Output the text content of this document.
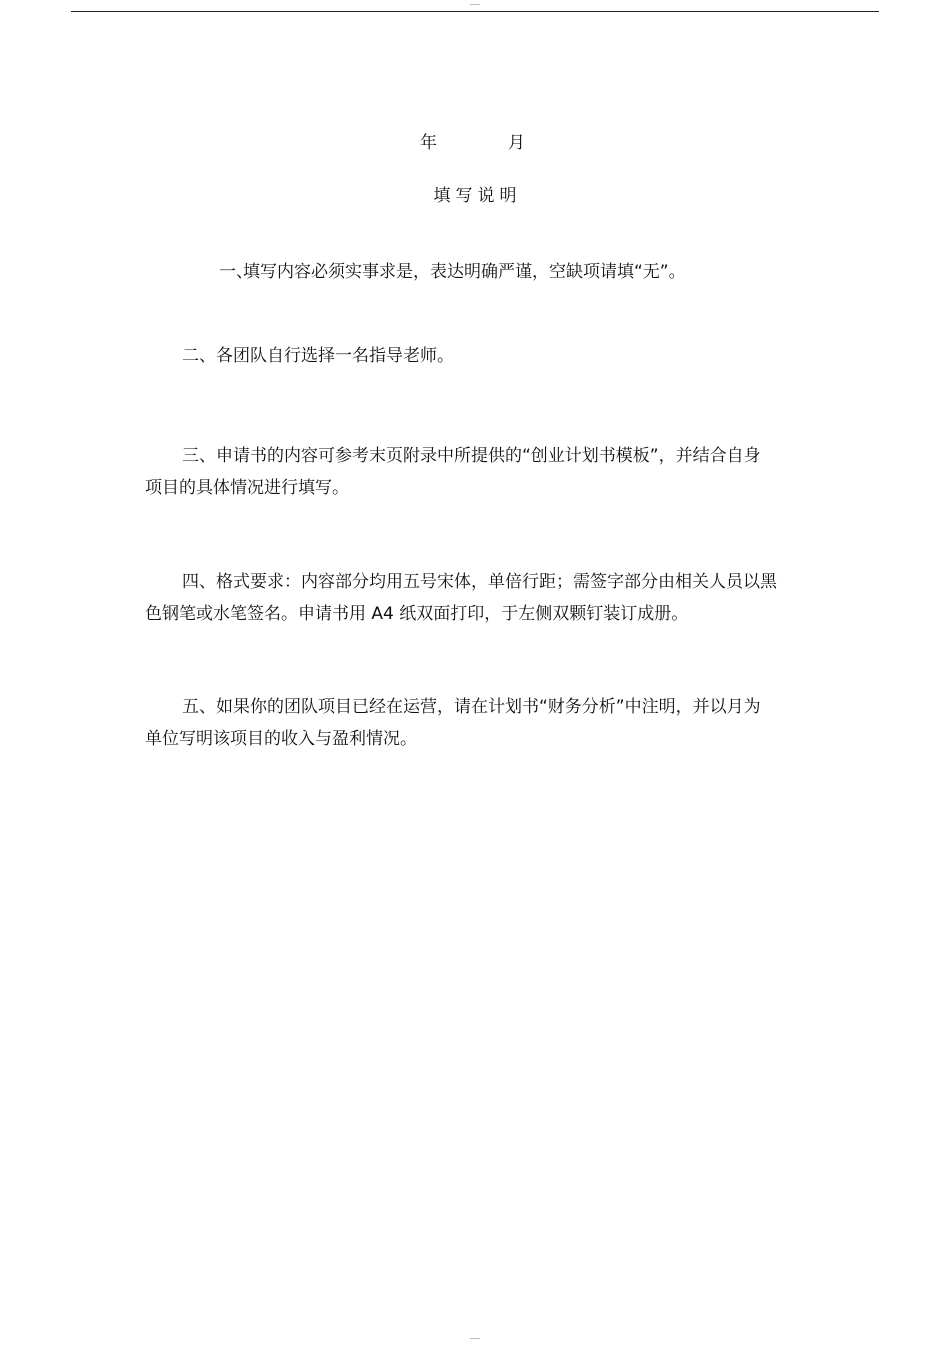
年	月
填写说明

一、填写内容必须实事求是，表达明确严谨，空缺项请填“无”。

二、各团队自行选择一名指导老师。

三、申请书的内容可参考末页附录中所提供的“创业计划书模板”，并结合自身项目的具体情况进行填写。

四、格式要求：内容部分均用五号宋体，单倍行距；需签字部分由相关人员以黑色钢笔或水笔签名。申请书用 A4 纸双面打印，于左侧双颗钉装订成册。

五、如果你的团队项目已经在运营，请在计划书“财务分析”中注明，并以月为单位写明该项目的收入与盈利情况。
